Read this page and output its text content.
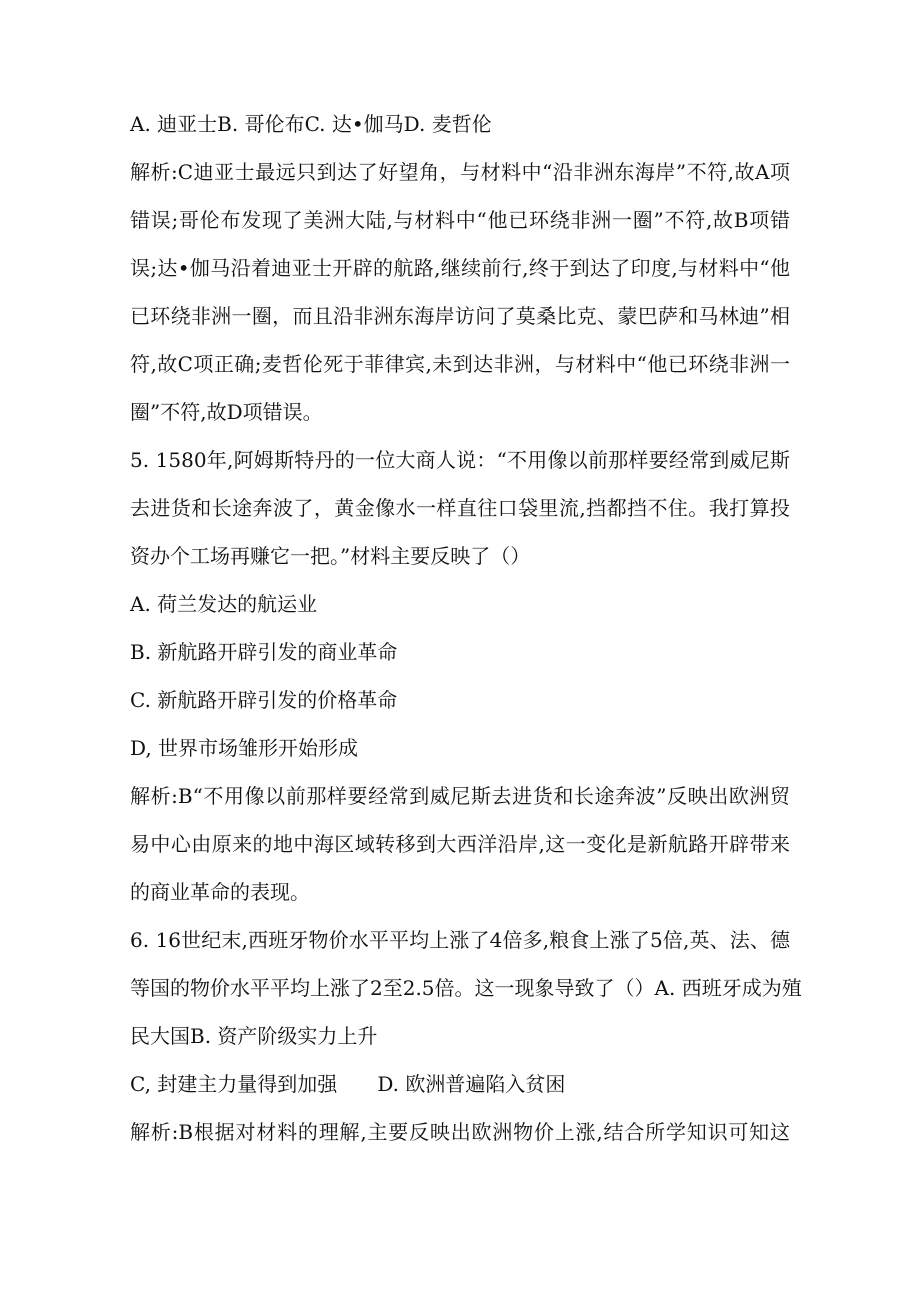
A. 迪亚士B. 哥伦布C. 达•伽马D. 麦哲伦

解析:C迪亚士最远只到达了好望角，与材料中“沿非洲东海岸”不符,故A项

错误;哥伦布发现了美洲大陆,与材料中“他已环绕非洲一圈”不符,故B项错

误;达•伽马沿着迪亚士开辟的航路,继续前行,终于到达了印度,与材料中“他

已环绕非洲一圈，而且沿非洲东海岸访问了莫桑比克、蒙巴萨和马林迪”相

符,故C项正确;麦哲伦死于菲律宾,未到达非洲，与材料中“他已环绕非洲一

圈”不符,故D项错误。

5. 1580年,阿姆斯特丹的一位大商人说：“不用像以前那样要经常到威尼斯

去进货和长途奔波了，黄金像水一样直往口袋里流,挡都挡不住。我打算投

资办个工场再赚它一把。”材料主要反映了（）

A. 荷兰发达的航运业

B. 新航路开辟引发的商业革命

C. 新航路开辟引发的价格革命

D, 世界市场雏形开始形成

解析:B“不用像以前那样要经常到威尼斯去进货和长途奔波”反映出欧洲贸

易中心由原来的地中海区域转移到大西洋沿岸,这一变化是新航路开辟带来

的商业革命的表现。

6. 16世纪末,西班牙物价水平平均上涨了4倍多,粮食上涨了5倍,英、法、德

等国的物价水平平均上涨了2至2.5倍。这一现象导致了（）A. 西班牙成为殖

民大国B. 资产阶级实力上升

C, 封建主力量得到加强 D. 欧洲普遍陷入贫困

解析:B根据对材料的理解,主要反映出欧洲物价上涨,结合所学知识可知这
